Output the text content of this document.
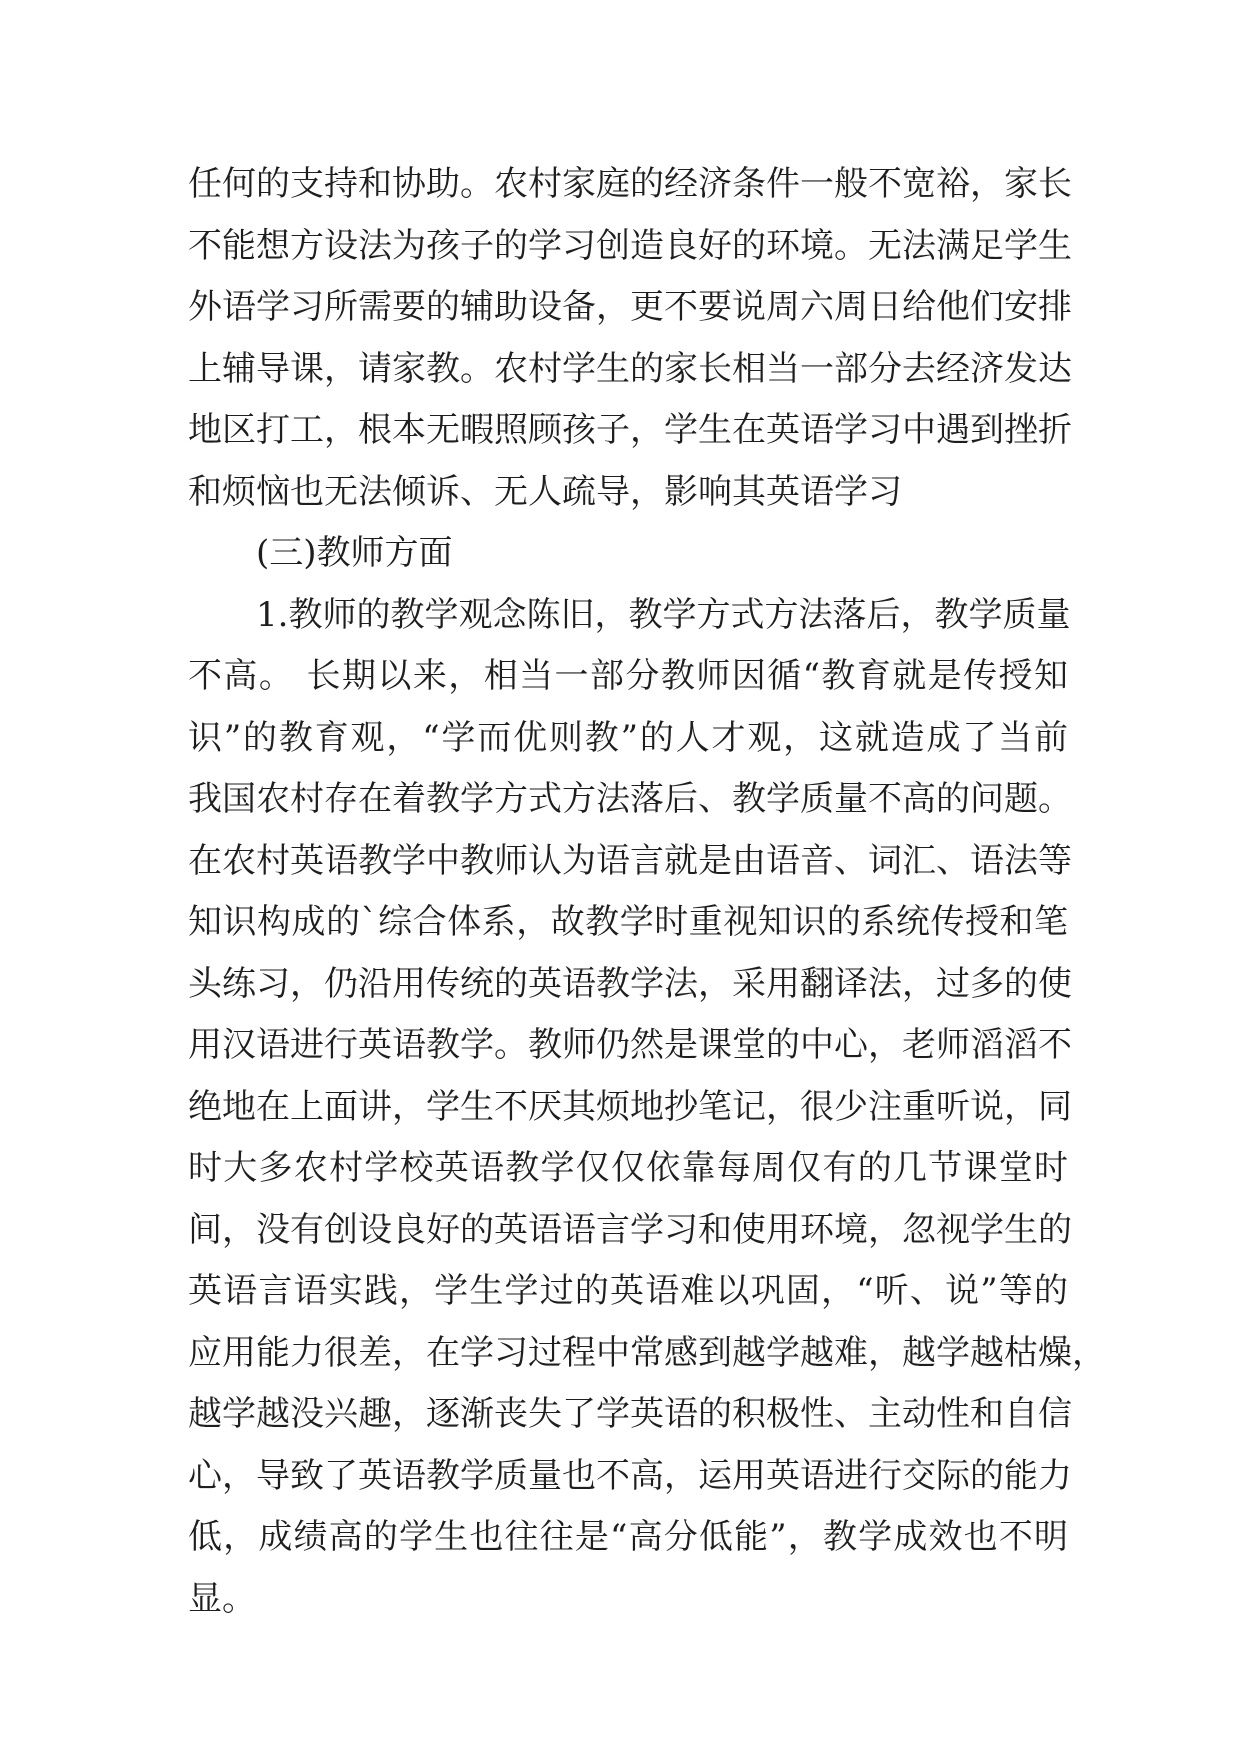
任何的支持和协助。农村家庭的经济条件一般不宽裕，家长
不能想方设法为孩子的学习创造良好的环境。无法满足学生
外语学习所需要的辅助设备，更不要说周六周日给他们安排
上辅导课，请家教。农村学生的家长相当一部分去经济发达
地区打工，根本无暇照顾孩子，学生在英语学习中遇到挫折
和烦恼也无法倾诉、无人疏导，影响其英语学习
(三)教师方面
1.教师的教学观念陈旧，教学方式方法落后，教学质量
不高。 长期以来，相当一部分教师因循“教育就是传授知
识”的教育观，“学而优则教”的人才观，这就造成了当前
我国农村存在着教学方式方法落后、教学质量不高的问题。
在农村英语教学中教师认为语言就是由语音、词汇、语法等
知识构成的`综合体系，故教学时重视知识的系统传授和笔
头练习，仍沿用传统的英语教学法，采用翻译法，过多的使
用汉语进行英语教学。教师仍然是课堂的中心，老师滔滔不
绝地在上面讲，学生不厌其烦地抄笔记，很少注重听说，同
时大多农村学校英语教学仅仅依靠每周仅有的几节课堂时
间，没有创设良好的英语语言学习和使用环境，忽视学生的
英语言语实践，学生学过的英语难以巩固，“听、说”等的
应用能力很差，在学习过程中常感到越学越难，越学越枯燥，
越学越没兴趣，逐渐丧失了学英语的积极性、主动性和自信
心，导致了英语教学质量也不高，运用英语进行交际的能力
低，成绩高的学生也往往是“高分低能”，教学成效也不明
显。
